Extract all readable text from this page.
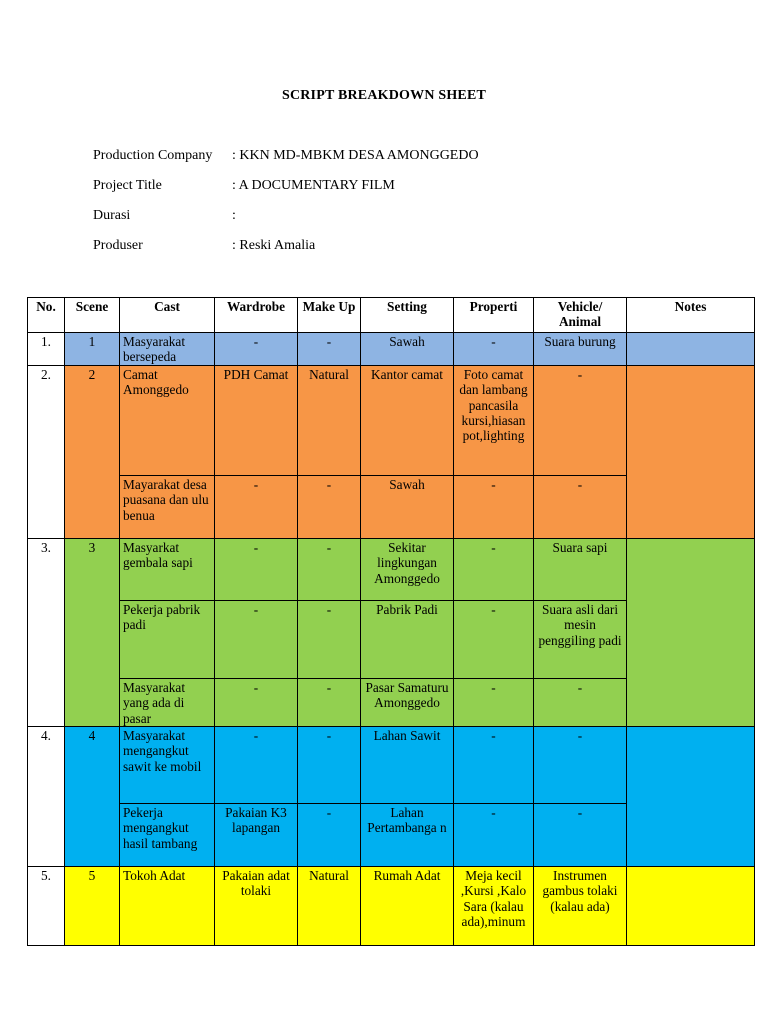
SCRIPT BREAKDOWN SHEET
Production Company : KKN MD-MBKM DESA AMONGGEDO
Project Title	: A DOCUMENTARY FILM
Durasi	:
Produser	: Reski Amalia
No.	Scene	Cast	Wardrobe	Make Up	Setting	Properti	Vehicle/ Animal	Notes
1.	1	Masyarakat bersepeda	-	-	Sawah	-	Suara burung	
2.	2	Camat Amonggedo	PDH Camat	Natural	Kantor camat	Foto camat dan lambang pancasila kursi,hiasan pot,lighting	-	
		Mayarakat desa puasana dan ulu benua	-	-	Sawah	-	-	
3.	3	Masyarkat gembala sapi	-	-	Sekitar lingkungan Amonggedo	-	Suara sapi	
		Pekerja pabrik padi	-	-	Pabrik Padi	-	Suara asli dari mesin penggiling padi	
		Masyarakat yang ada di pasar	-	-	Pasar Samaturu Amonggedo	-	-	
4.	4	Masyarakat mengangkut sawit ke mobil	-	-	Lahan Sawit	-	-	
		Pekerja mengangkut hasil tambang	Pakaian K3 lapangan	-	Lahan Pertambanga n	-	-	
5.	5	Tokoh Adat	Pakaian adat tolaki	Natural	Rumah Adat	Meja kecil ,Kursi ,Kalo Sara (kalau ada),minum	Instrumen gambus tolaki (kalau ada)	
